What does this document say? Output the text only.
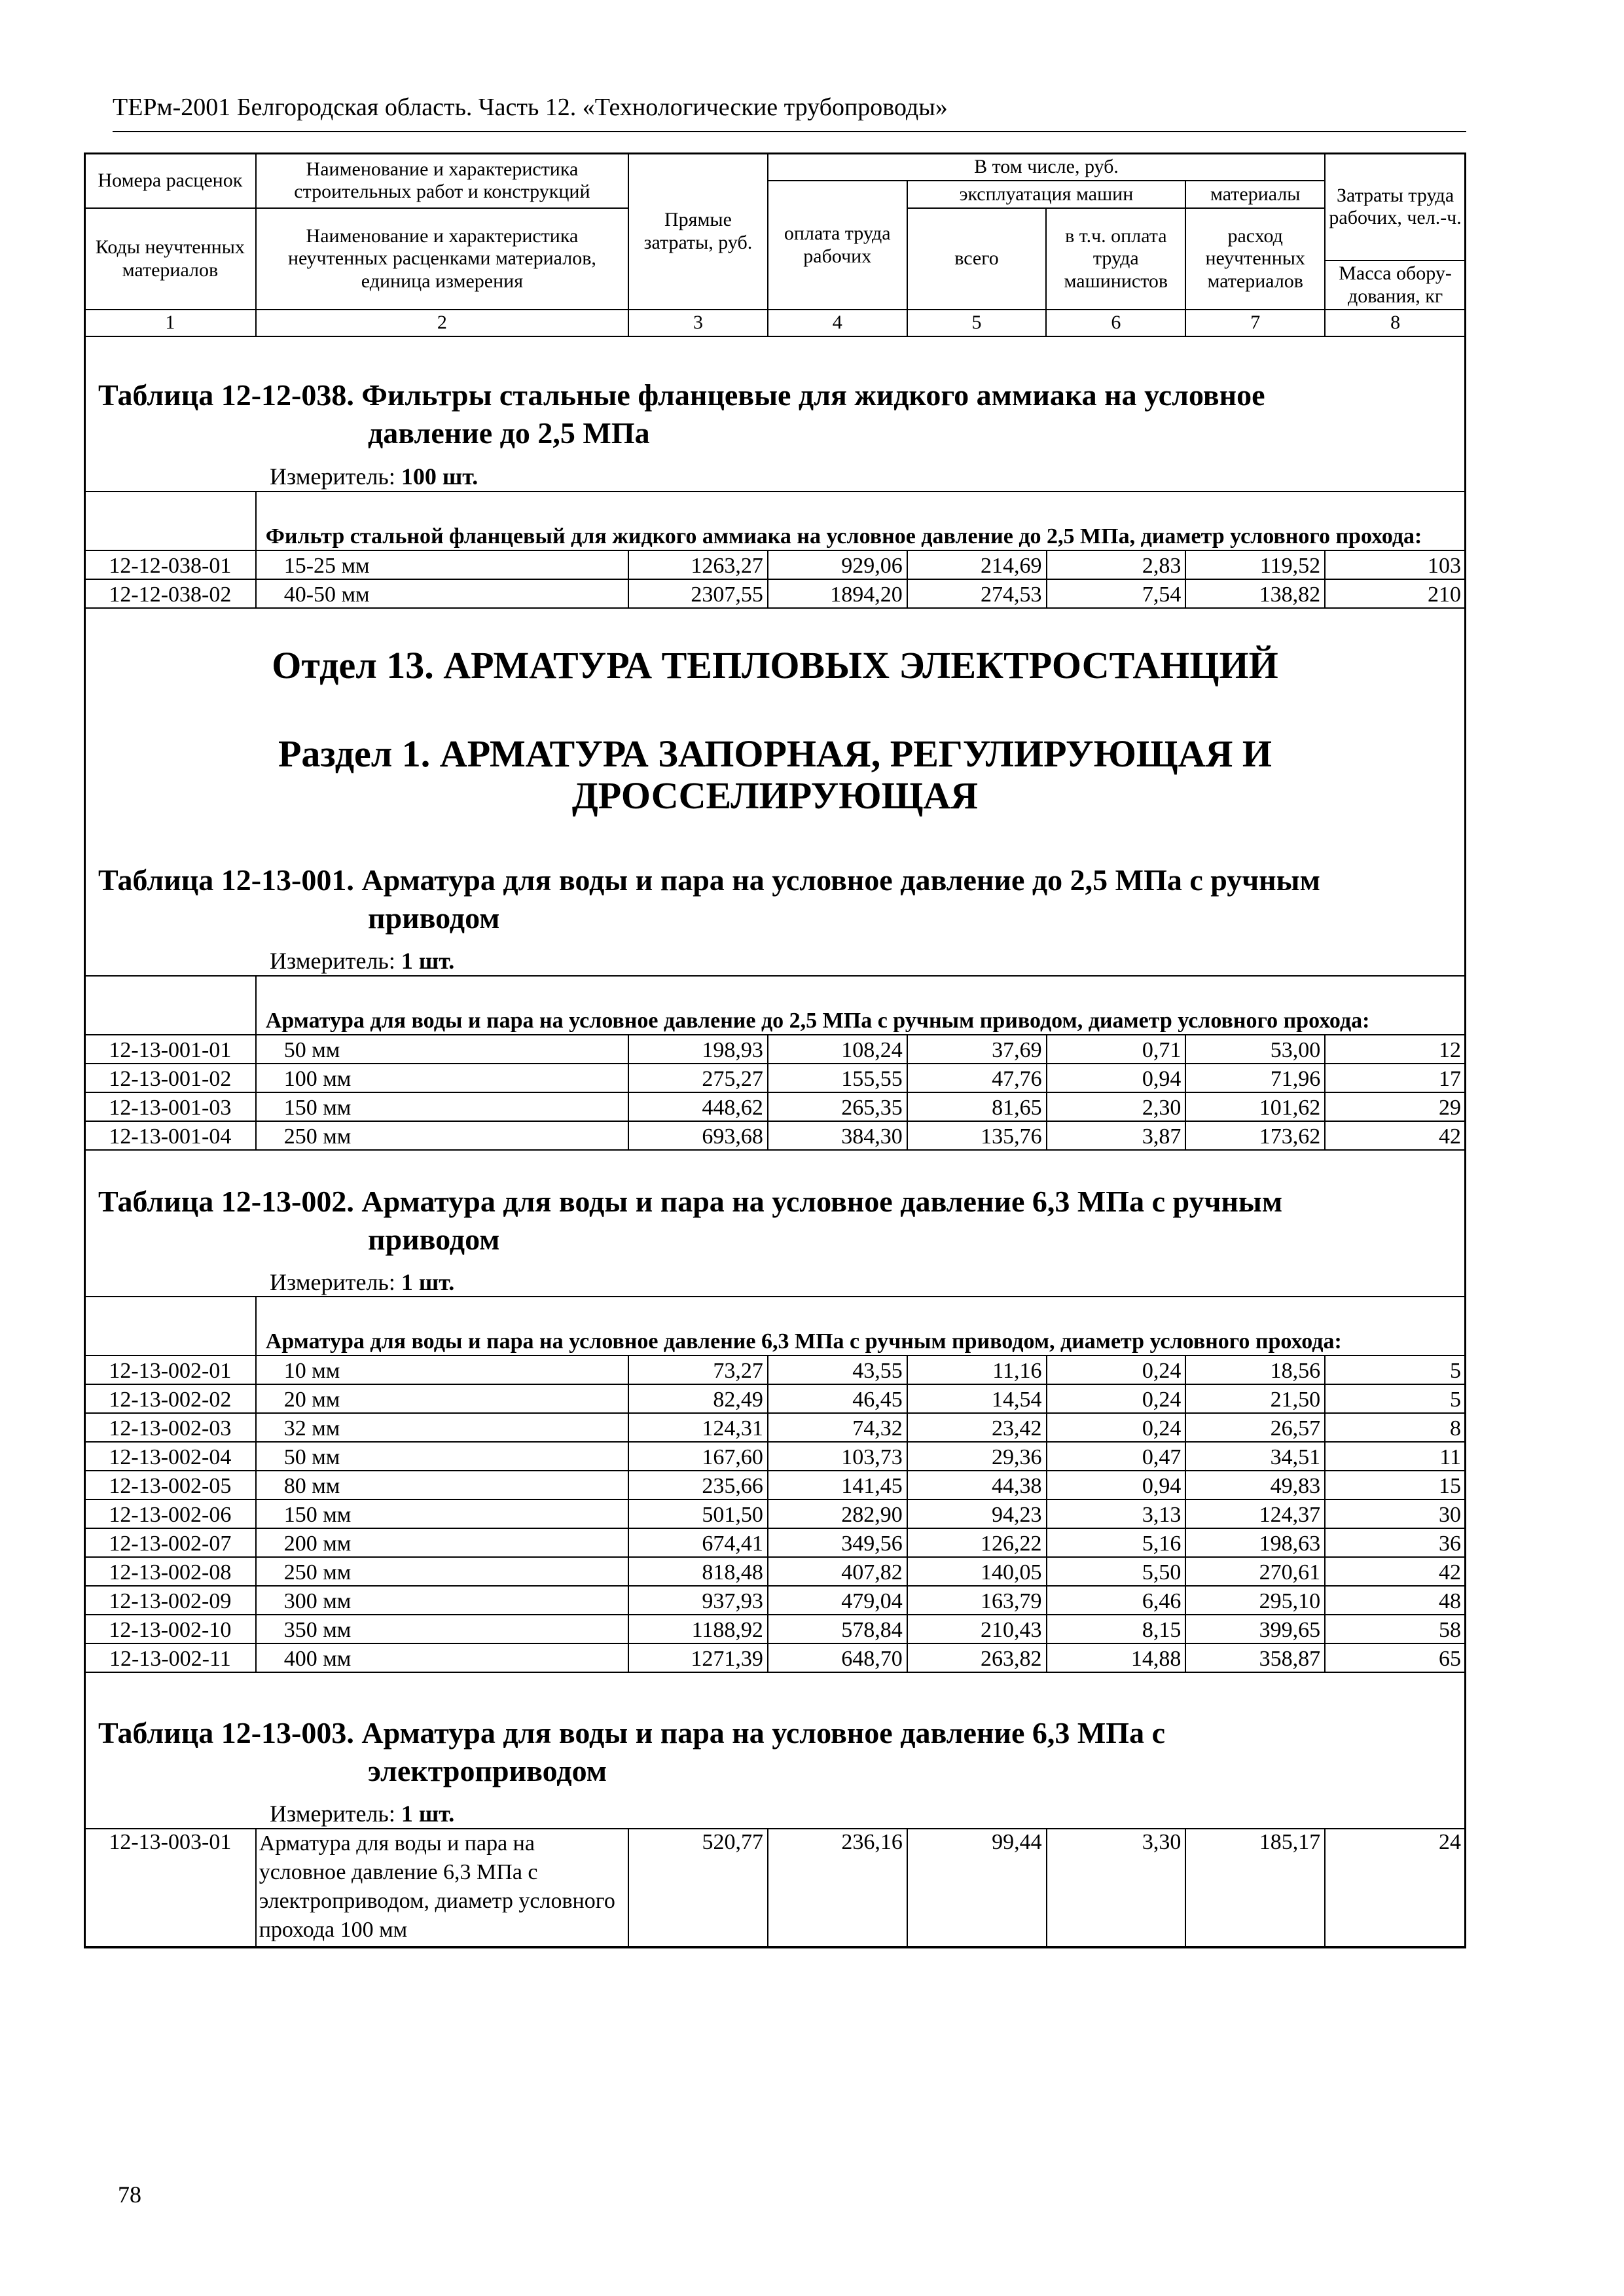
ТЕРм-2001 Белгородская область. Часть 12. «Технологические трубопроводы»
Номера расценок	Наименование и характеристика строительных работ и конструкций	Прямые затраты, руб.	В том числе, руб.				Затраты труда рабочих, чел.-ч.
			оплата труда рабочих	эксплуатация машин		материалы	
Коды неучтенных материалов	Наименование и характеристика неучтенных расценками материалов, единица измерения			всего	в т.ч. оплата труда машинистов	расход неучтенных материалов	
							Масса обору-дования, кг
1	2	3	4	5	6	7	8
Таблица 12-12-038. Фильтры стальные фланцевые для жидкого аммиака на условное
давление до 2,5 МПа
Измеритель: 100 шт.
	Фильтр стальной фланцевый для жидкого аммиака на условное давление до 2,5 МПа, диаметр условного прохода:						
12-12-038-01	15-25 мм	1263,27	929,06	214,69	2,83	119,52	103
12-12-038-02	40-50 мм	2307,55	1894,20	274,53	7,54	138,82	210
Отдел 13. АРМАТУРА ТЕПЛОВЫХ ЭЛЕКТРОСТАНЦИЙ
Раздел 1. АРМАТУРА ЗАПОРНАЯ, РЕГУЛИРУЮЩАЯ И
ДРОССЕЛИРУЮЩАЯ
Таблица 12-13-001. Арматура для воды и пара на условное давление до 2,5 МПа с ручным
приводом
Измеритель: 1 шт.
	Арматура для воды и пара на условное давление до 2,5 МПа с ручным приводом, диаметр условного прохода:						
12-13-001-01	50 мм	198,93	108,24	37,69	0,71	53,00	12
12-13-001-02	100 мм	275,27	155,55	47,76	0,94	71,96	17
12-13-001-03	150 мм	448,62	265,35	81,65	2,30	101,62	29
12-13-001-04	250 мм	693,68	384,30	135,76	3,87	173,62	42
Таблица 12-13-002. Арматура для воды и пара на условное давление 6,3 МПа с ручным
приводом
Измеритель: 1 шт.
	Арматура для воды и пара на условное давление 6,3 МПа с ручным приводом, диаметр условного прохода:						
12-13-002-01	10 мм	73,27	43,55	11,16	0,24	18,56	5
12-13-002-02	20 мм	82,49	46,45	14,54	0,24	21,50	5
12-13-002-03	32 мм	124,31	74,32	23,42	0,24	26,57	8
12-13-002-04	50 мм	167,60	103,73	29,36	0,47	34,51	11
12-13-002-05	80 мм	235,66	141,45	44,38	0,94	49,83	15
12-13-002-06	150 мм	501,50	282,90	94,23	3,13	124,37	30
12-13-002-07	200 мм	674,41	349,56	126,22	5,16	198,63	36
12-13-002-08	250 мм	818,48	407,82	140,05	5,50	270,61	42
12-13-002-09	300 мм	937,93	479,04	163,79	6,46	295,10	48
12-13-002-10	350 мм	1188,92	578,84	210,43	8,15	399,65	58
12-13-002-11	400 мм	1271,39	648,70	263,82	14,88	358,87	65
Таблица 12-13-003. Арматура для воды и пара на условное давление 6,3 МПа с
электроприводом
Измеритель: 1 шт.
12-13-003-01	Арматура для воды и пара на условное давление 6,3 МПа с электроприводом, диаметр условного прохода 100 мм	520,77	236,16	99,44	3,30	185,17	24
78
